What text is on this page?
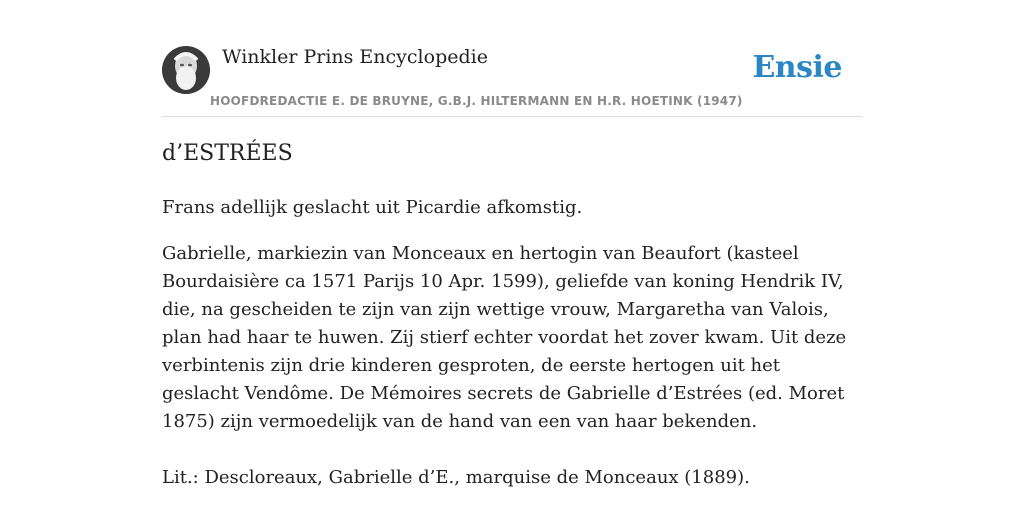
Winkler Prins Encyclopedie
HOOFDREDACTIE E. DE BRUYNE, G.B.J. HILTERMANN EN H.R. HOETINK (1947)
Ensie
d’ESTRÉES

Frans adellijk geslacht uit Picardie afkomstig.

Gabrielle, markiezin van Monceaux en hertogin van Beaufort (kasteel Bourdaisière ca 1571 Parijs 10 Apr. 1599), geliefde van koning Hendrik IV, die, na gescheiden te zijn van zijn wettige vrouw, Margaretha van Valois, plan had haar te huwen. Zij stierf echter voordat het zover kwam. Uit deze verbintenis zijn drie kinderen gesproten, de eerste hertogen uit het geslacht Vendôme. De Mémoires secrets de Gabrielle d’Estrées (ed. Moret 1875) zijn vermoedelijk van de hand van een van haar bekenden.

Lit.: Descloreaux, Gabrielle d’E., marquise de Monceaux (1889).
